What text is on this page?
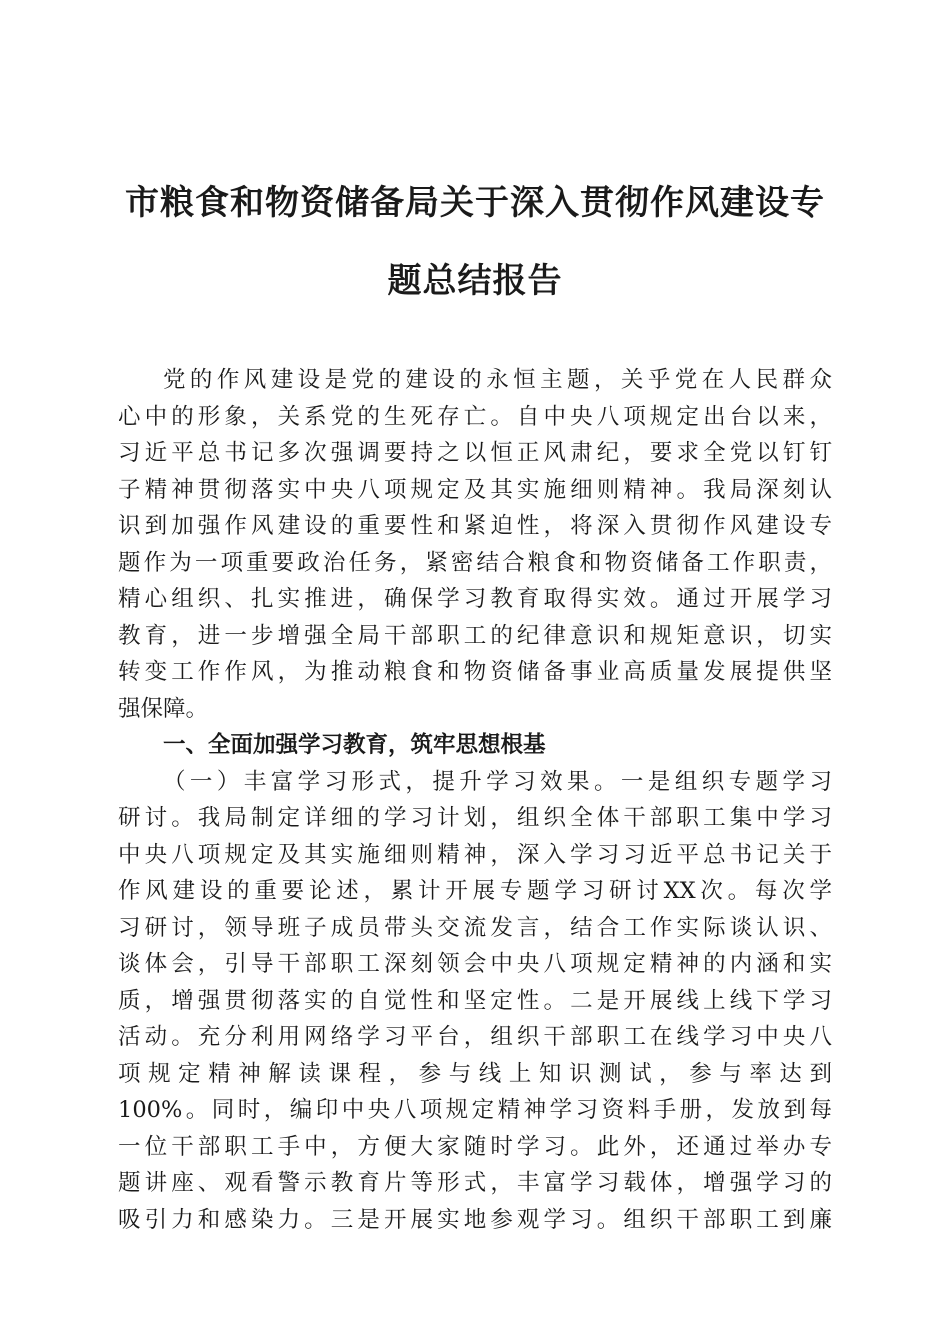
市粮食和物资储备局关于深入贯彻作风建设专
题总结报告
党的作风建设是党的建设的永恒主题，关乎党在人民群众
心中的形象，关系党的生死存亡。自中央八项规定出台以来，
习近平总书记多次强调要持之以恒正风肃纪，要求全党以钉钉
子精神贯彻落实中央八项规定及其实施细则精神。我局深刻认
识到加强作风建设的重要性和紧迫性，将深入贯彻作风建设专
题作为一项重要政治任务，紧密结合粮食和物资储备工作职责，
精心组织、扎实推进，确保学习教育取得实效。通过开展学习
教育，进一步增强全局干部职工的纪律意识和规矩意识，切实
转变工作作风，为推动粮食和物资储备事业高质量发展提供坚
强保障。
一、全面加强学习教育，筑牢思想根基
（一）丰富学习形式，提升学习效果。一是组织专题学习
研讨。我局制定详细的学习计划，组织全体干部职工集中学习
中央八项规定及其实施细则精神，深入学习习近平总书记关于
作风建设的重要论述，累计开展专题学习研讨XX次。每次学
习研讨，领导班子成员带头交流发言，结合工作实际谈认识、
谈体会，引导干部职工深刻领会中央八项规定精神的内涵和实
质，增强贯彻落实的自觉性和坚定性。二是开展线上线下学习
活动。充分利用网络学习平台，组织干部职工在线学习中央八
项规定精神解读课程，参与线上知识测试，参与率达到
100%。同时，编印中央八项规定精神学习资料手册，发放到每
一位干部职工手中，方便大家随时学习。此外，还通过举办专
题讲座、观看警示教育片等形式，丰富学习载体，增强学习的
吸引力和感染力。三是开展实地参观学习。组织干部职工到廉
